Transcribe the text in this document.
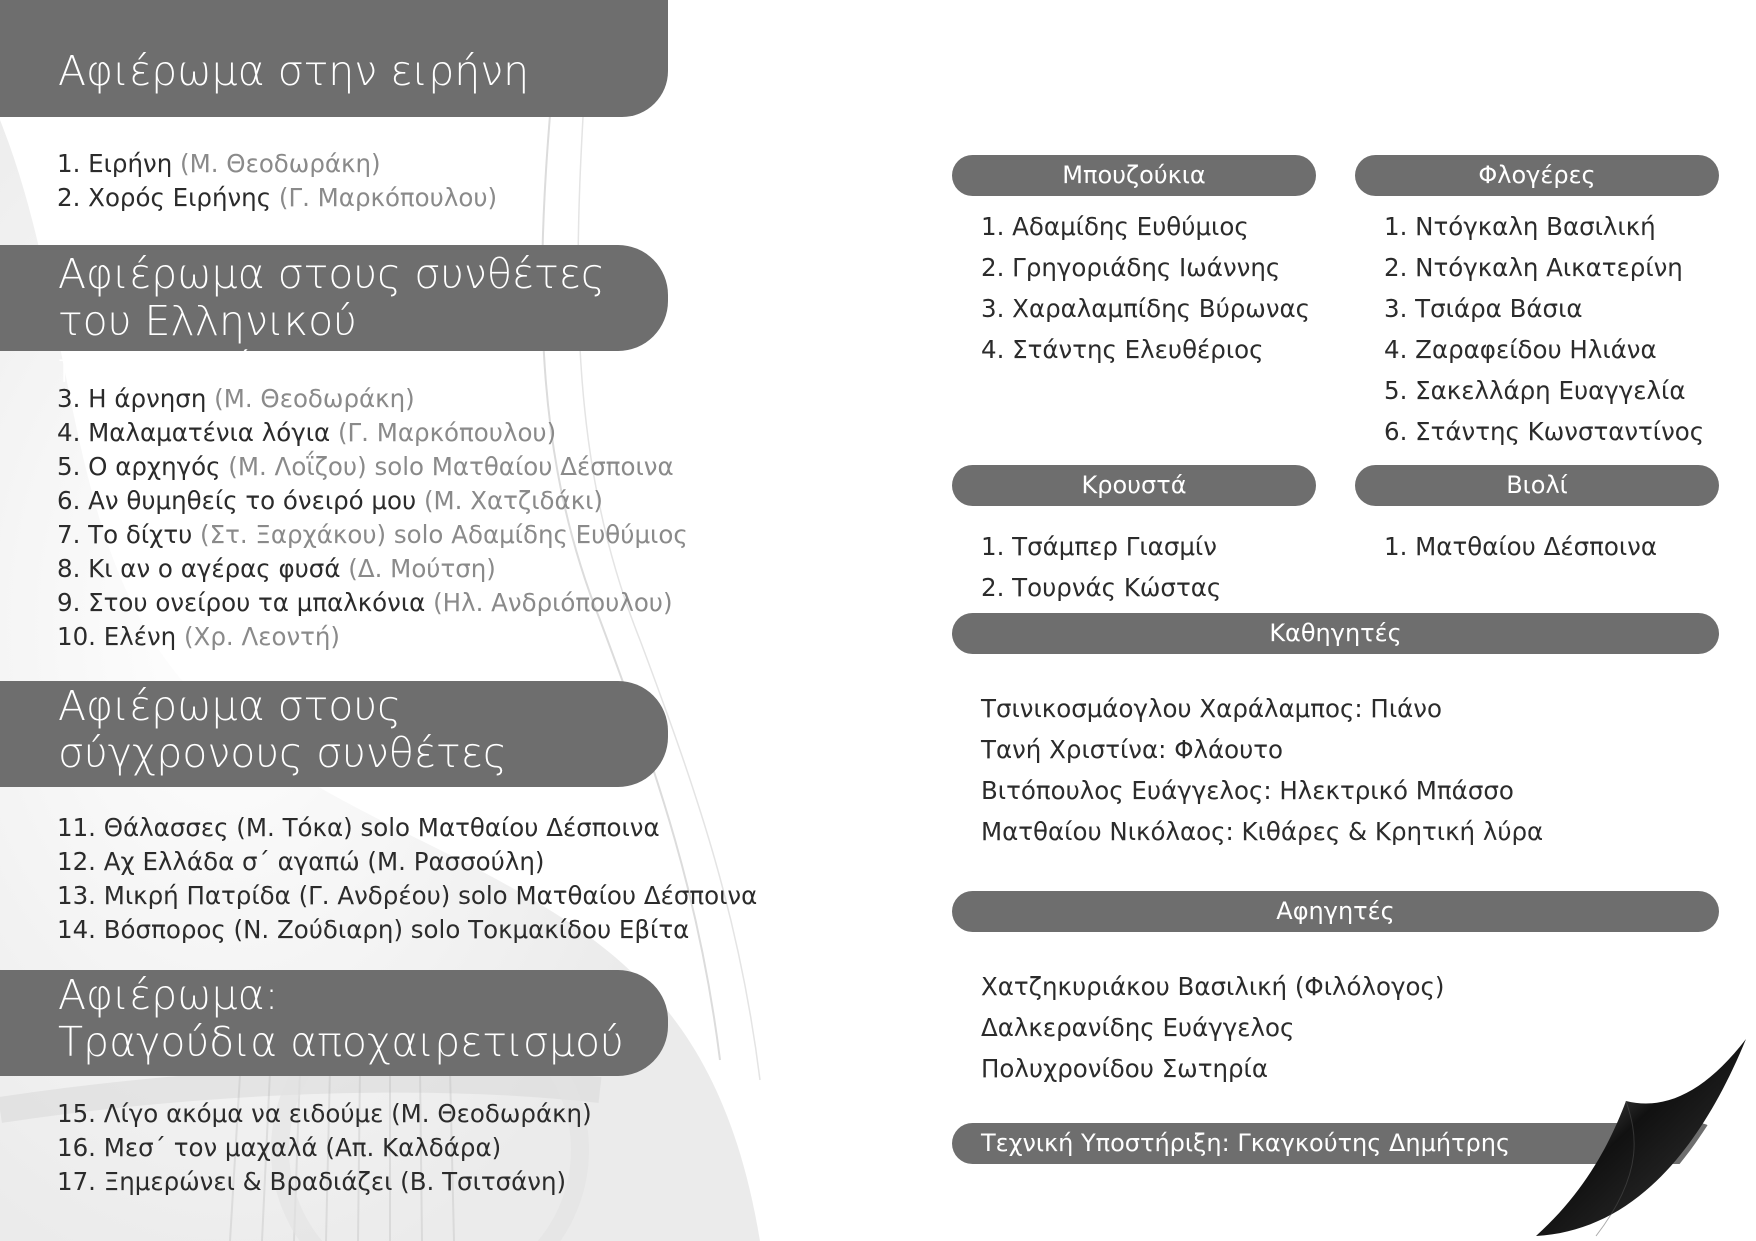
Αφιέρωμα στην ειρήνη
1. Ειρήνη (Μ. Θεοδωράκη)
2. Χορός Ειρήνης (Γ. Μαρκόπουλου)
Αφιέρωμα στους συνθέτες
του Ελληνικού πενταγράμμου
3. Η άρνηση (Μ. Θεοδωράκη)
4. Μαλαματένια λόγια (Γ. Μαρκόπουλου)
5. Ο αρχηγός (Μ. Λοΐζου) solo Ματθαίου Δέσποινα
6. Αν θυμηθείς το όνειρό μου (Μ. Χατζιδάκι)
7. Το δίχτυ (Στ. Ξαρχάκου) solo Αδαμίδης Ευθύμιος
8. Κι αν ο αγέρας φυσά (Δ. Μούτση)
9. Στου ονείρου τα μπαλκόνια (Ηλ. Ανδριόπουλου)
10. Ελένη (Χρ. Λεοντή)
Αφιέρωμα στους
σύγχρονους συνθέτες
11. Θάλασσες (Μ. Τόκα) solo Ματθαίου Δέσποινα
12. Αχ Ελλάδα σ΄ αγαπώ (Μ. Ρασσούλη)
13. Μικρή Πατρίδα (Γ. Ανδρέου) solo Ματθαίου Δέσποινα
14. Βόσπορος (Ν. Ζούδιαρη) solo Τοκμακίδου Εβίτα
Αφιέρωμα:
Τραγούδια αποχαιρετισμού
15. Λίγο ακόμα να ειδούμε (Μ. Θεοδωράκη)
16. Μεσ΄ τον μαχαλά (Απ. Καλδάρα)
17. Ξημερώνει & Βραδιάζει (Β. Τσιτσάνη)
Μπουζούκια
1. Αδαμίδης Ευθύμιος
2. Γρηγοριάδης Ιωάννης
3. Χαραλαμπίδης Βύρωνας
4. Στάντης Ελευθέριος
Φλογέρες
1. Ντόγκαλη Βασιλική
2. Ντόγκαλη Αικατερίνη
3. Τσιάρα Βάσια
4. Ζαραφείδου Ηλιάνα
5. Σακελλάρη Ευαγγελία
6. Στάντης Κωνσταντίνος
Κρουστά
1. Τσάμπερ Γιασμίν
2. Τουρνάς Κώστας
Βιολί
1. Ματθαίου Δέσποινα
Καθηγητές
Τσινικοσμάογλου Χαράλαμπος: Πιάνο
Τανή Χριστίνα: Φλάουτο
Βιτόπουλος Ευάγγελος: Ηλεκτρικό Μπάσσο
Ματθαίου Νικόλαος: Κιθάρες & Κρητική λύρα
Αφηγητές
Χατζηκυριάκου Βασιλική (Φιλόλογος)
Δαλκερανίδης Ευάγγελος
Πολυχρονίδου Σωτηρία
Τεχνική Υποστήριξη: Γκαγκούτης Δημήτρης
